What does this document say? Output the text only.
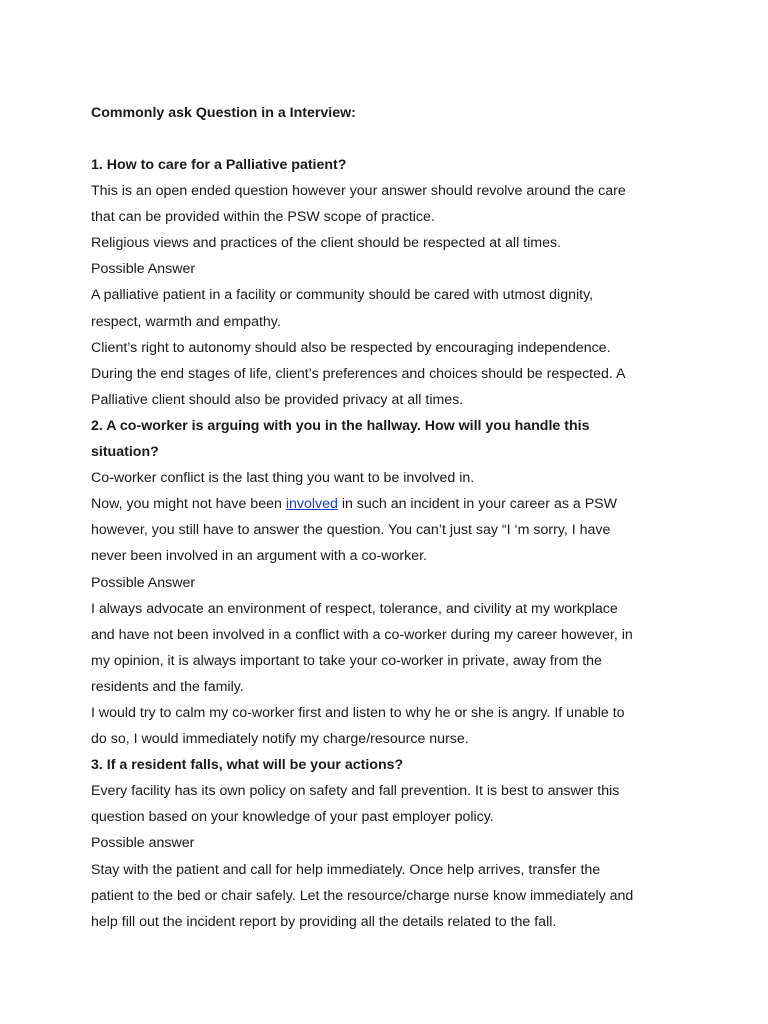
Commonly ask Question in a Interview:

1. How to care for a Palliative patient?

This is an open ended question however your answer should revolve around the care

that can be provided within the PSW scope of practice.

Religious views and practices of the client should be respected at all times.

Possible Answer

A palliative patient in a facility or community should be cared with utmost dignity,

respect, warmth and empathy.

Client’s right to autonomy should also be respected by encouraging independence.

During the end stages of life, client’s preferences and choices should be respected. A

Palliative client should also be provided privacy at all times.

2. A co-worker is arguing with you in the hallway. How will you handle this

situation?

Co-worker conflict is the last thing you want to be involved in.

Now, you might not have been involved in such an incident in your career as a PSW

however, you still have to answer the question. You can’t just say “I ‘m sorry, I have

never been involved in an argument with a co-worker.

Possible Answer

I always advocate an environment of respect, tolerance, and civility at my workplace

and have not been involved in a conflict with a co-worker during my career however, in

my opinion, it is always important to take your co-worker in private, away from the

residents and the family.

I would try to calm my co-worker first and listen to why he or she is angry. If unable to

do so, I would immediately notify my charge/resource nurse.

3. If a resident falls, what will be your actions?

Every facility has its own policy on safety and fall prevention. It is best to answer this

question based on your knowledge of your past employer policy.

Possible answer

Stay with the patient and call for help immediately. Once help arrives, transfer the

patient to the bed or chair safely. Let the resource/charge nurse know immediately and

help fill out the incident report by providing all the details related to the fall.
